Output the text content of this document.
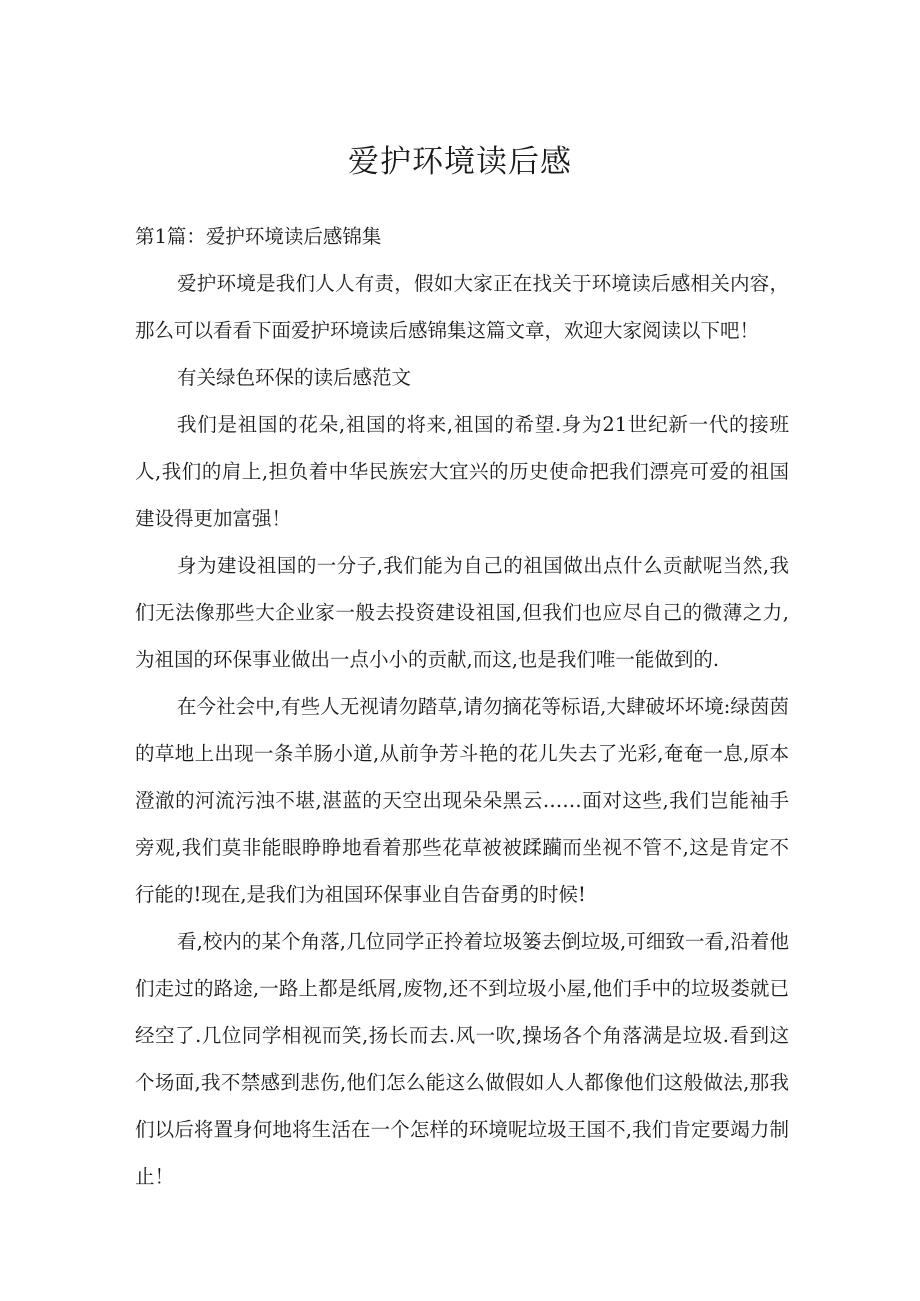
爱护环境读后感

第1篇：爱护环境读后感锦集

爱护环境是我们人人有责，假如大家正在找关于环境读后感相关内容，那么可以看看下面爱护环境读后感锦集这篇文章，欢迎大家阅读以下吧！

有关绿色环保的读后感范文

我们是祖国的花朵,祖国的将来,祖国的希望.身为21世纪新一代的接班人,我们的肩上,担负着中华民族宏大宜兴的历史使命把我们漂亮可爱的祖国建设得更加富强！

身为建设祖国的一分子,我们能为自己的祖国做出点什么贡献呢当然,我们无法像那些大企业家一般去投资建设祖国,但我们也应尽自己的微薄之力,为祖国的环保事业做出一点小小的贡献,而这,也是我们唯一能做到的.

在今社会中,有些人无视请勿踏草,请勿摘花等标语,大肆破坏坏境:绿茵茵的草地上出现一条羊肠小道,从前争芳斗艳的花儿失去了光彩,奄奄一息,原本澄澈的河流污浊不堪,湛蓝的天空出现朵朵黑云……面对这些,我们岂能袖手旁观,我们莫非能眼睁睁地看着那些花草被被蹂躏而坐视不管不,这是肯定不行能的!现在,是我们为祖国环保事业自告奋勇的时候!

看,校内的某个角落,几位同学正拎着垃圾篓去倒垃圾,可细致一看,沿着他们走过的路途,一路上都是纸屑,废物,还不到垃圾小屋,他们手中的垃圾娄就已经空了.几位同学相视而笑,扬长而去.风一吹,操场各个角落满是垃圾.看到这个场面,我不禁感到悲伤,他们怎么能这么做假如人人都像他们这般做法,那我们以后将置身何地将生活在一个怎样的环境呢垃圾王国不,我们肯定要竭力制止！
